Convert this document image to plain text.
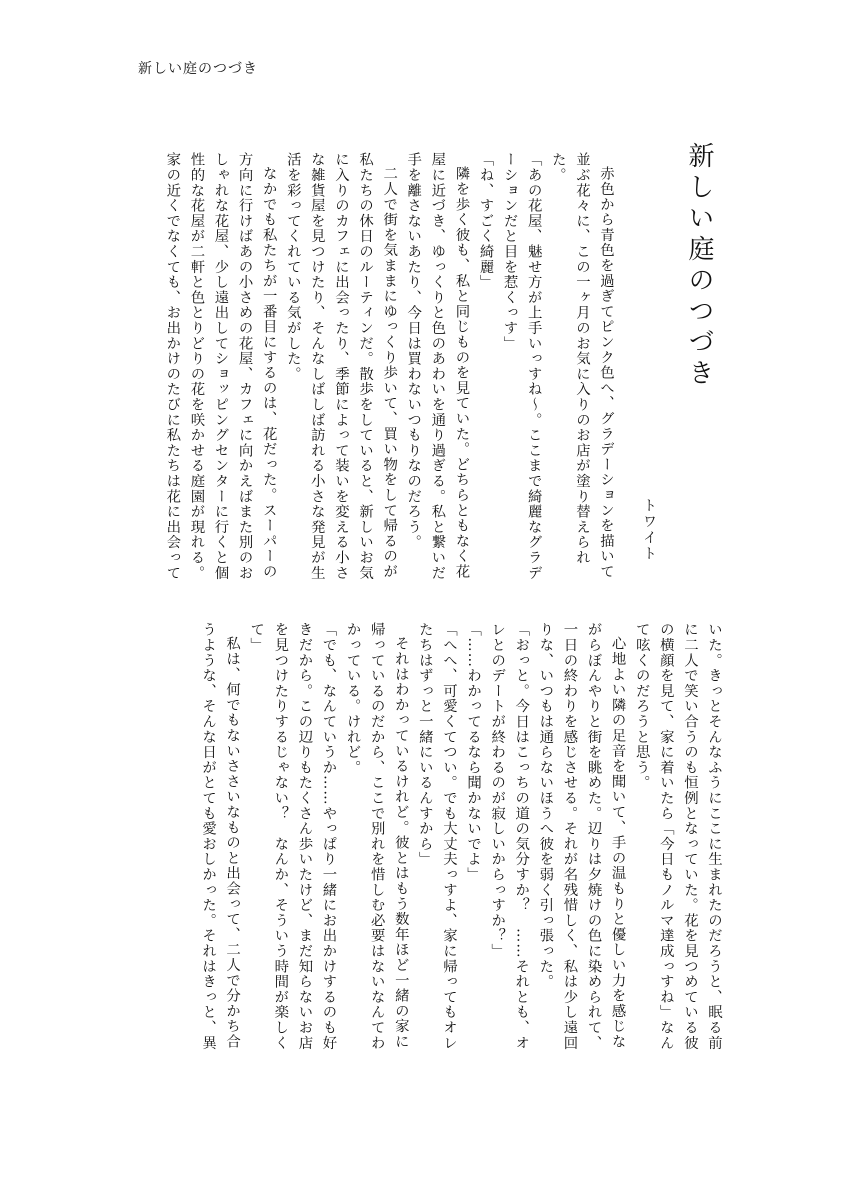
新しい庭のつづき
新しい庭のつづき
トワイト

赤色から青色を過ぎてピンク色へ、グラデーションを描いて並ぶ花々に、この一ヶ月のお気に入りのお店が塗り替えられた。

「あの花屋、魅せ方が上手いっすね〜。ここまで綺麗なグラデーションだと目を惹くっす」

「ね、すごく綺麗」

隣を歩く彼も、私と同じものを見ていた。どちらともなく花屋に近づき、ゆっくりと色のあわいを通り過ぎる。私と繋いだ手を離さないあたり、今日は買わないつもりなのだろう。

二人で街を気ままにゆっくり歩いて、買い物をして帰るのが私たちの休日のルーティンだ。散歩をしていると、新しいお気に入りのカフェに出会ったり、季節によって装いを変える小さな雑貨屋を見つけたり、そんなしばしば訪れる小さな発見が生活を彩ってくれている気がした。

なかでも私たちが一番目にするのは、花だった。スーパーの方向に行けばあの小さめの花屋、カフェに向かえばまた別のおしゃれな花屋、少し遠出してショッピングセンターに行くと個性的な花屋が二軒と色とりどりの花を咲かせる庭園が現れる。家の近くでなくても、お出かけのたびに私たちは花に出会って

いた。きっとそんなふうにここに生まれたのだろうと、眠る前に二人で笑い合うのも恒例となっていた。花を見つめている彼の横顔を見て、家に着いたら「今日もノルマ達成っすね」なんて呟くのだろうと思う。

心地よい隣の足音を聞いて、手の温もりと優しい力を感じながらぼんやりと街を眺めた。辺りは夕焼けの色に染められて、一日の終わりを感じさせる。それが名残惜しく、私は少し遠回りな、いつもは通らないほうへ彼を弱く引っ張った。

「おっと。今日はこっちの道の気分すか？　……それとも、オレとのデートが終わるのが寂しいからっすか？」

「……わかってるなら聞かないでよ」

「へへ、可愛くてつい。でも大丈夫っすよ、家に帰ってもオレたちはずっと一緒にいるんすから」

それはわかっているけれど。彼とはもう数年ほど一緒の家に帰っているのだから、ここで別れを惜しむ必要はないなんてわかっている。けれど。

「でも、なんていうか……やっぱり一緒にお出かけするのも好きだから。この辺りもたくさん歩いたけど、まだ知らないお店を見つけたりするじゃない？　なんか、そういう時間が楽しくて」

私は、何でもないささいなものと出会って、二人で分かち合うような、そんな日がとても愛おしかった。それはきっと、異
